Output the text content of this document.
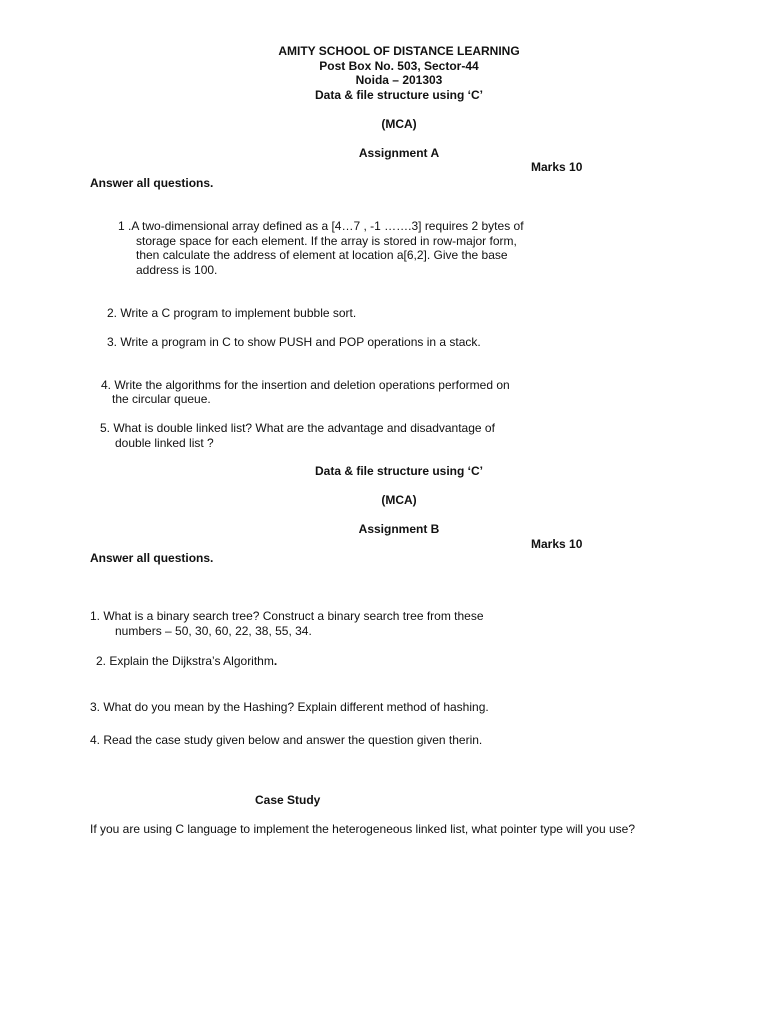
AMITY SCHOOL OF DISTANCE LEARNING
Post Box No. 503, Sector-44
Noida – 201303
Data & file structure using ‘C’
(MCA)
Assignment A
Marks 10
Answer all questions.
1 .A two-dimensional array defined as a [4…7 , -1 …….3] requires 2 bytes of
storage space for each element. If the array is stored in row-major form,
then calculate the address of element at location a[6,2]. Give the base
address is 100.
2. Write a C program to implement bubble sort.
3. Write a program in C to show PUSH and POP operations in a stack.
4. Write the algorithms for the insertion and deletion operations performed on
the circular queue.
5. What is double linked list? What are the advantage and disadvantage of
double linked list ?
Data & file structure using ‘C’
(MCA)
Assignment B
Marks 10
Answer all questions.
1. What is a binary search tree? Construct a binary search tree from these
numbers – 50, 30, 60, 22, 38, 55, 34.
2. Explain the Dijkstra’s Algorithm.
3. What do you mean by the Hashing? Explain different method of hashing.
4. Read the case study given below and answer the question given therin.
Case Study
If you are using C language to implement the heterogeneous linked list, what pointer type will you use?
